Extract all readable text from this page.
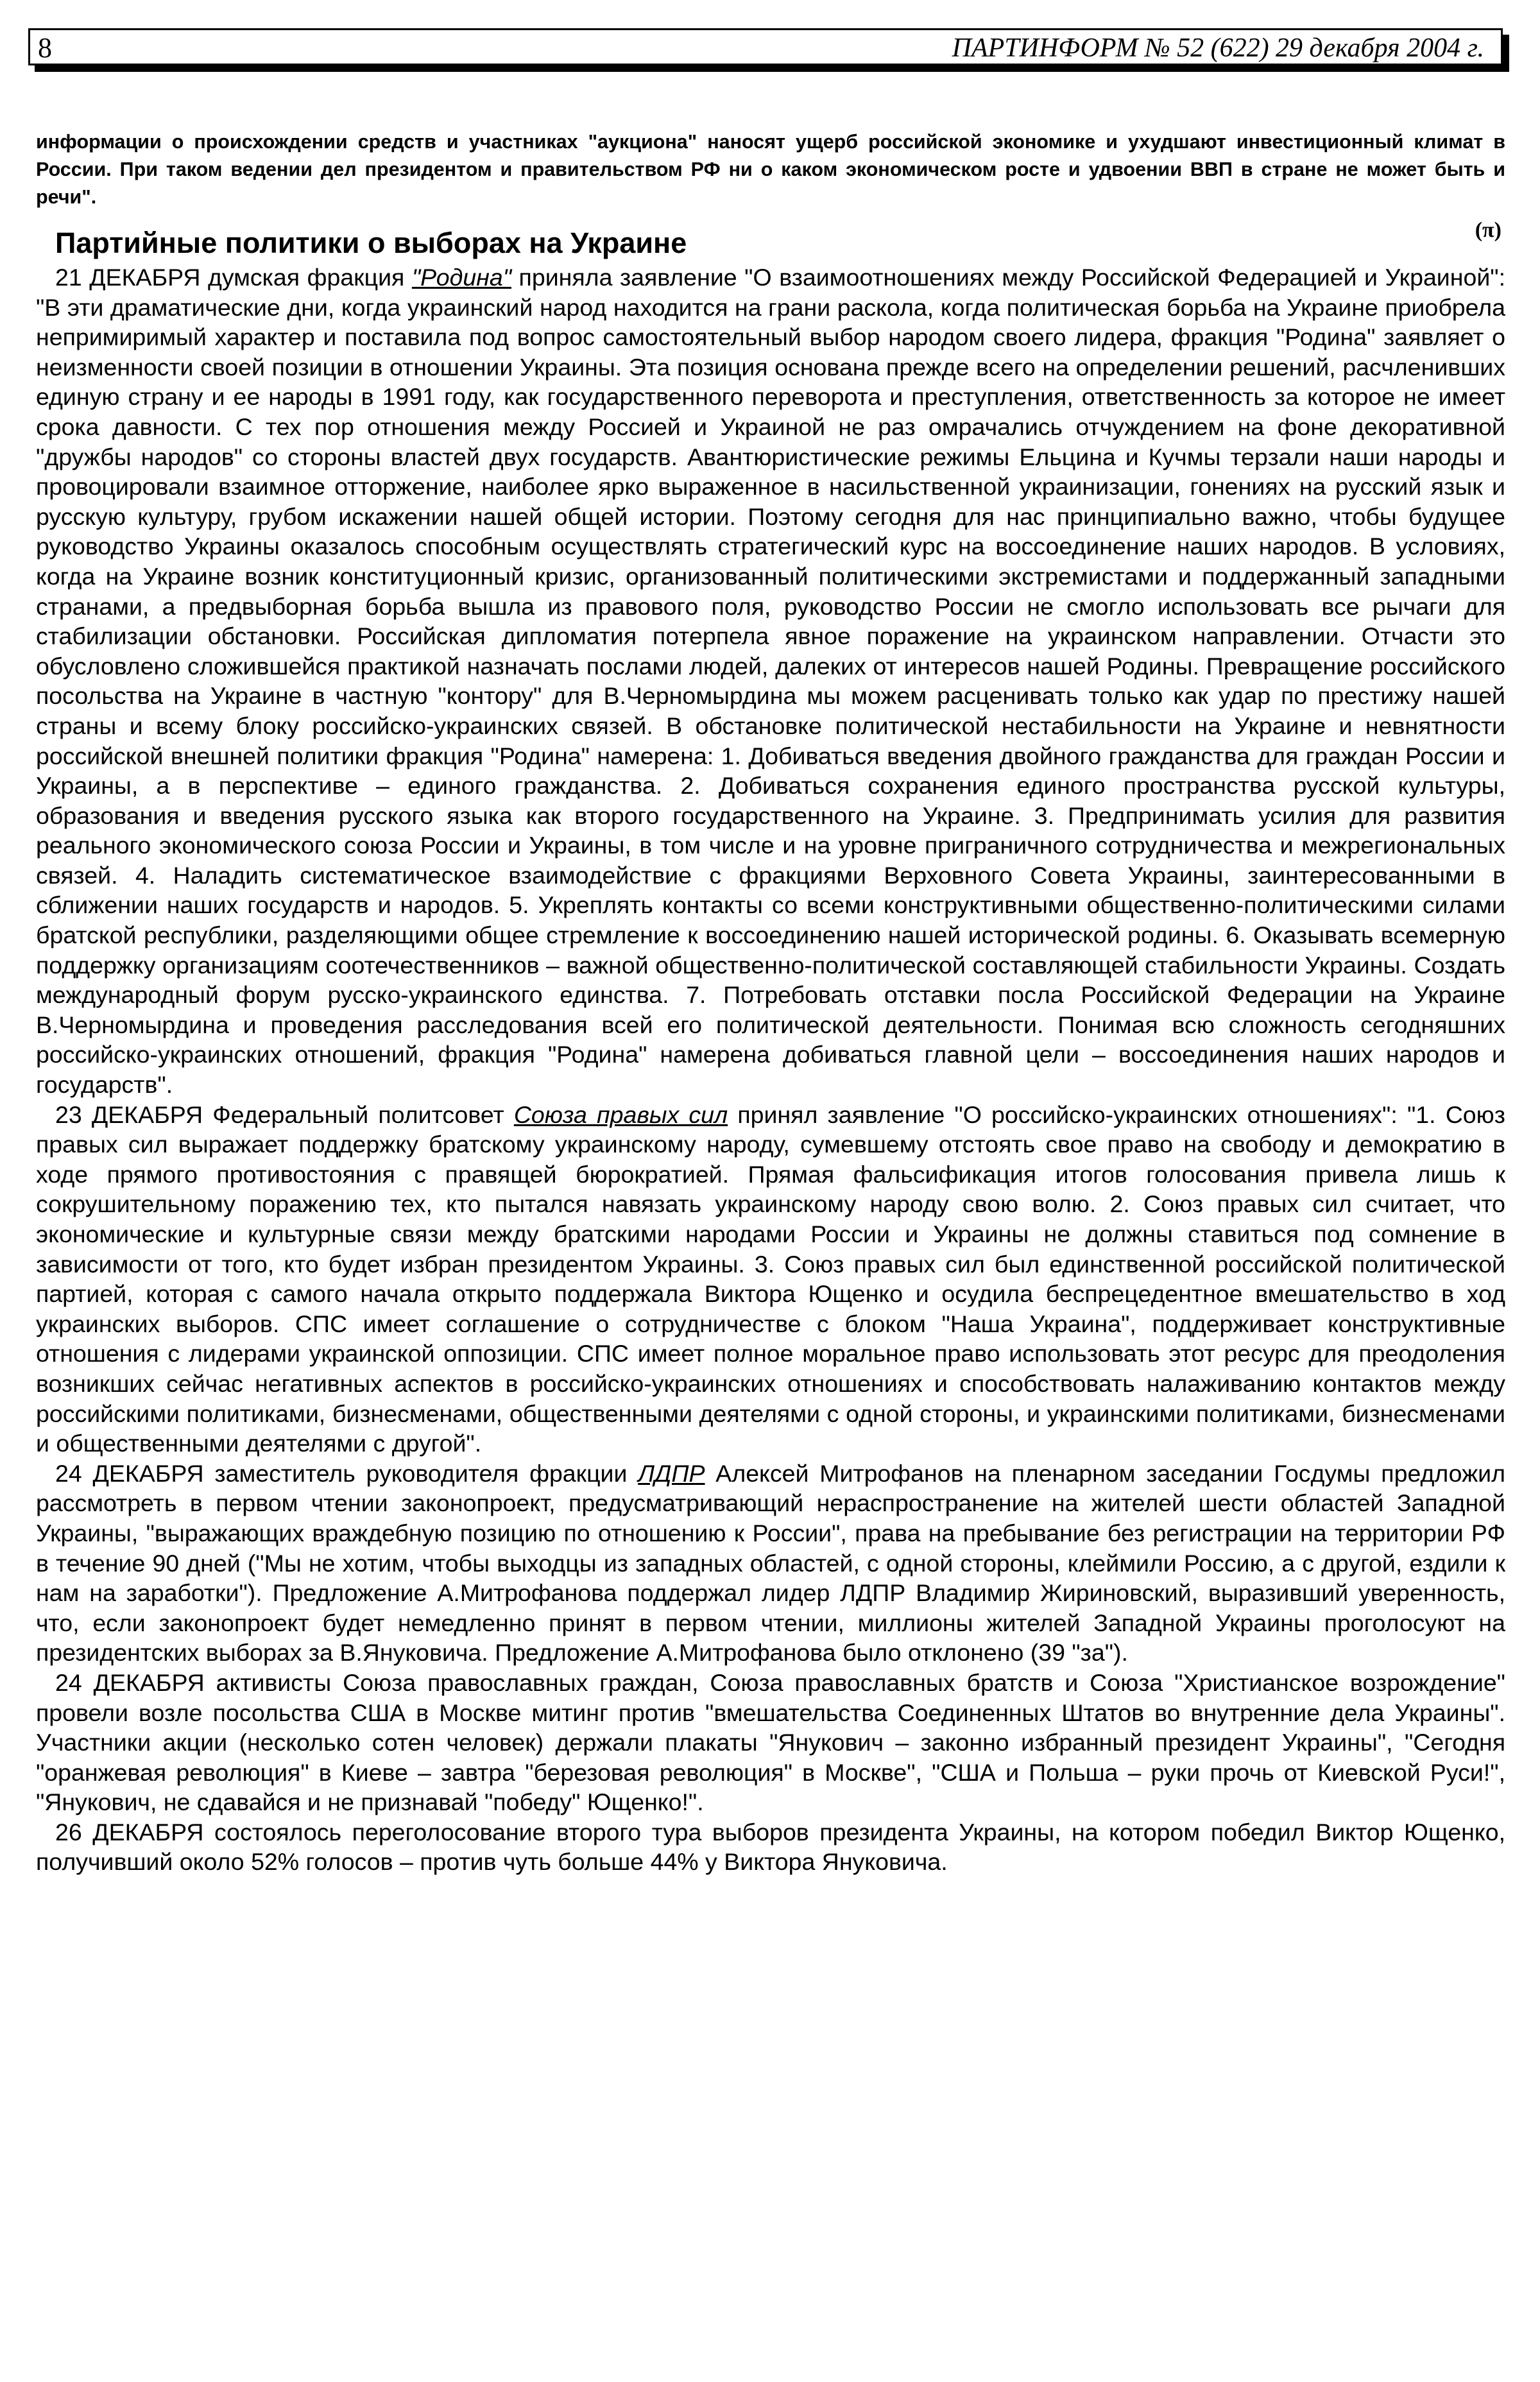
8	ПАРТИНФОРМ № 52 (622) 29 декабря 2004 г.

информации о происхождении средств и участниках "аукциона" наносят ущерб российской экономике и ухудшают инвестиционный климат в России. При таком ведении дел президентом и правительством РФ ни о каком экономическом росте и удвоении ВВП в стране не может быть и речи".

(π)
Партийные политики о выборах на Украине

21 ДЕКАБРЯ думская фракция "Родина" приняла заявление "О взаимоотношениях между Российской Федерацией и Украиной": "В эти драматические дни, когда украинский народ находится на грани раскола, когда политическая борьба на Украине приобрела непримиримый характер и поставила под вопрос самостоятельный выбор народом своего лидера, фракция "Родина" заявляет о неизменности своей позиции в отношении Украины. Эта позиция основана прежде всего на определении решений, расчленивших единую страну и ее народы в 1991 году, как государственного переворота и преступления, ответственность за которое не имеет срока давности. С тех пор отношения между Россией и Украиной не раз омрачались отчуждением на фоне декоративной "дружбы народов" со стороны властей двух государств. Авантюристические режимы Ельцина и Кучмы терзали наши народы и провоцировали взаимное отторжение, наиболее ярко выраженное в насильственной украинизации, гонениях на русский язык и русскую культуру, грубом искажении нашей общей истории. Поэтому сегодня для нас принципиально важно, чтобы будущее руководство Украины оказалось способным осуществлять стратегический курс на воссоединение наших народов. В условиях, когда на Украине возник конституционный кризис, организованный политическими экстремистами и поддержанный западными странами, а предвыборная борьба вышла из правового поля, руководство России не смогло использовать все рычаги для стабилизации обстановки. Российская дипломатия потерпела явное поражение на украинском направлении. Отчасти это обусловлено сложившейся практикой назначать послами людей, далеких от интересов нашей Родины. Превращение российского посольства на Украине в частную "контору" для В.Черномырдина мы можем расценивать только как удар по престижу нашей страны и всему блоку российско-украинских связей. В обстановке политической нестабильности на Украине и невнятности российской внешней политики фракция "Родина" намерена: 1. Добиваться введения двойного гражданства для граждан России и Украины, а в перспективе – единого гражданства. 2. Добиваться сохранения единого пространства русской культуры, образования и введения русского языка как второго государственного на Украине. 3. Предпринимать усилия для развития реального экономического союза России и Украины, в том числе и на уровне приграничного сотрудничества и межрегиональных связей. 4. Наладить систематическое взаимодействие с фракциями Верховного Совета Украины, заинтересованными в сближении наших государств и народов. 5. Укреплять контакты со всеми конструктивными общественно-политическими силами братской республики, разделяющими общее стремление к воссоединению нашей исторической родины. 6. Оказывать всемерную поддержку организациям соотечественников – важной общественно-политической составляющей стабильности Украины. Создать международный форум русско-украинского единства. 7. Потребовать отставки посла Российской Федерации на Украине В.Черномырдина и проведения расследования всей его политической деятельности. Понимая всю сложность сегодняшних российско-украинских отношений, фракция "Родина" намерена добиваться главной цели – воссоединения наших народов и государств".

23 ДЕКАБРЯ Федеральный политсовет Союза правых сил принял заявление "О российско-украинских отношениях": "1. Союз правых сил выражает поддержку братскому украинскому народу, сумевшему отстоять свое право на свободу и демократию в ходе прямого противостояния с правящей бюрократией. Прямая фальсификация итогов голосования привела лишь к сокрушительному поражению тех, кто пытался навязать украинскому народу свою волю. 2. Союз правых сил считает, что экономические и культурные связи между братскими народами России и Украины не должны ставиться под сомнение в зависимости от того, кто будет избран президентом Украины. 3. Союз правых сил был единственной российской политической партией, которая с самого начала открыто поддержала Виктора Ющенко и осудила беспрецедентное вмешательство в ход украинских выборов. СПС имеет соглашение о сотрудничестве с блоком "Наша Украина", поддерживает конструктивные отношения с лидерами украинской оппозиции. СПС имеет полное моральное право использовать этот ресурс для преодоления возникших сейчас негативных аспектов в российско-украинских отношениях и способствовать налаживанию контактов между российскими политиками, бизнесменами, общественными деятелями с одной стороны, и украинскими политиками, бизнесменами и общественными деятелями с другой".

24 ДЕКАБРЯ заместитель руководителя фракции ЛДПР Алексей Митрофанов на пленарном заседании Госдумы предложил рассмотреть в первом чтении законопроект, предусматривающий нераспространение на жителей шести областей Западной Украины, "выражающих враждебную позицию по отношению к России", права на пребывание без регистрации на территории РФ в течение 90 дней ("Мы не хотим, чтобы выходцы из западных областей, с одной стороны, клеймили Россию, а с другой, ездили к нам на заработки"). Предложение А.Митрофанова поддержал лидер ЛДПР Владимир Жириновский, выразивший уверенность, что, если законопроект будет немедленно принят в первом чтении, миллионы жителей Западной Украины проголосуют на президентских выборах за В.Януковича. Предложение А.Митрофанова было отклонено (39 "за").

24 ДЕКАБРЯ активисты Союза православных граждан, Союза православных братств и Союза "Христианское возрождение" провели возле посольства США в Москве митинг против "вмешательства Соединенных Штатов во внутренние дела Украины". Участники акции (несколько сотен человек) держали плакаты "Янукович – законно избранный президент Украины", "Сегодня "оранжевая революция" в Киеве – завтра "березовая революция" в Москве", "США и Польша – руки прочь от Киевской Руси!", "Янукович, не сдавайся и не признавай "победу" Ющенко!".

26 ДЕКАБРЯ состоялось переголосование второго тура выборов президента Украины, на котором победил Виктор Ющенко, получивший около 52% голосов – против чуть больше 44% у Виктора Януковича.
